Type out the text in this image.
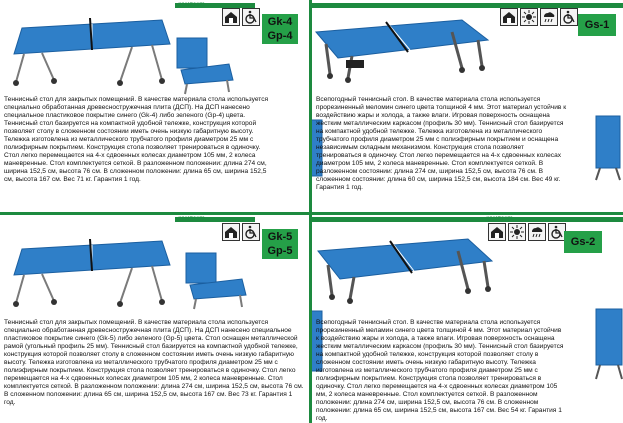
компакт
Gk-4
Gp-4

Теннисный стол для закрытых помещений. В качестве материала стола используется специально обработанная древесностружечная плита (ДСП). На ДСП нанесено специальное пластиковое покрытие синего (Gk-4) либо зеленого (Gp-4) цвета. Теннисный стол базируется на компактной удобной тележке, конструкция которой позволяет столу в сложенном состоянии иметь очень низкую габаритную высоту. Тележка изготовлена из металлического трубчатого профиля диаметром 25 мм с полиэфирным покрытием. Конструкция стола позволяет тренироваться в одиночку. Стол легко перемещается на 4-х сдвоенных колесах диаметром 105 мм, 2 колеса маневренные. Стол комплектуется сеткой. В разложенном положении: длина 274 см, ширина 152,5 см, высота 76 см. В сложенном положении: длина 65 см, ширина 152,5 см, высота 167 см. Вес 71 кг. Гарантия 1 год.

Gs-1

Всепогодный теннисный стол. В качестве материала стола используется прорезиненный меломин синего цвета толщиной 4 мм. Этот материал устойчив к воздействию жары и холода, а также влаги. Игровая поверхность оснащена жестким металлическим каркасом (профиль 30 мм). Теннисный стол базируется на компактной удобной тележке. Тележка изготовлена из металлического трубчатого профиля диаметром 25 мм с полиэфирным покрытием и оснащена независимым складным механизмом. Конструкция стола позволяет тренироваться в одиночку. Стол легко перемещается на 4-х сдвоенных колесах диаметром 105 мм, 2 колеса маневренные. Стол комплектуется сеткой. В разложенном состоянии: длина 274 см, ширина 152,5 см, высота 76 см. В сложенном состоянии: длина 60 см, ширина 152,5 см, высота 184 см. Вес 49 кг. Гарантия 1 год.

компакт
Gk-5
Gp-5

Теннисный стол для закрытых помещений. В качестве материала стола используется специально обработанная древесностружечная плита (ДСП). На ДСП нанесено специальное пластиковое покрытие синего (Gk-5) либо зеленого (Gp-5) цвета. Стол оснащен металлической рамой (угольный профиль 25 мм). Теннисный стол базируется на компактной удобной тележке, конструкция которой позволяет столу в сложенном состоянии иметь очень низкую габаритную высоту. Тележка изготовлена из металлического трубчатого профиля диаметром 25 мм с полиэфирным покрытием. Конструкция стола позволяет тренироваться в одиночку. Стол легко перемещается на 4-х сдвоенных колесах диаметром 105 мм, 2 колеса маневренные. Стол комплектуется сеткой. В разложенном положении: длина 274 см, ширина 152,5 см, высота 76 см. В сложенном положении: длина 65 см, ширина 152,5 см, высота 167 см. Вес 73 кг. Гарантия 1 год.

компакт
Gs-2

Всепогодный теннисный стол. В качестве материала стола используется прорезиненный меламин синего цвета толщиной 4 мм. Этот материал устойчив к воздействию жары и холода, а также влаги. Игровая поверхность оснащена жестким металлическим каркасом (профиль 30 мм). Теннисный стол базируется на компактной удобной тележке, конструкция которой позволяет столу в сложенном состоянии иметь очень низкую габаритную высоту. Тележка изготовлена из металлического трубчатого профиля диаметром 25 мм с полиэфирным покрытием. Конструкция стола позволяет тренироваться в одиночку. Стол легко перемещается на 4-х сдвоенных колесах диаметром 105 мм, 2 колеса маневренные. Стол комплектуется сеткой. В разложенном положении: длина 274 см, ширина 152,5 см, высота 76 см. В сложенном положении: длина 65 см, ширина 152,5 см, высота 167 см. Вес 54 кг. Гарантия 1 год.
